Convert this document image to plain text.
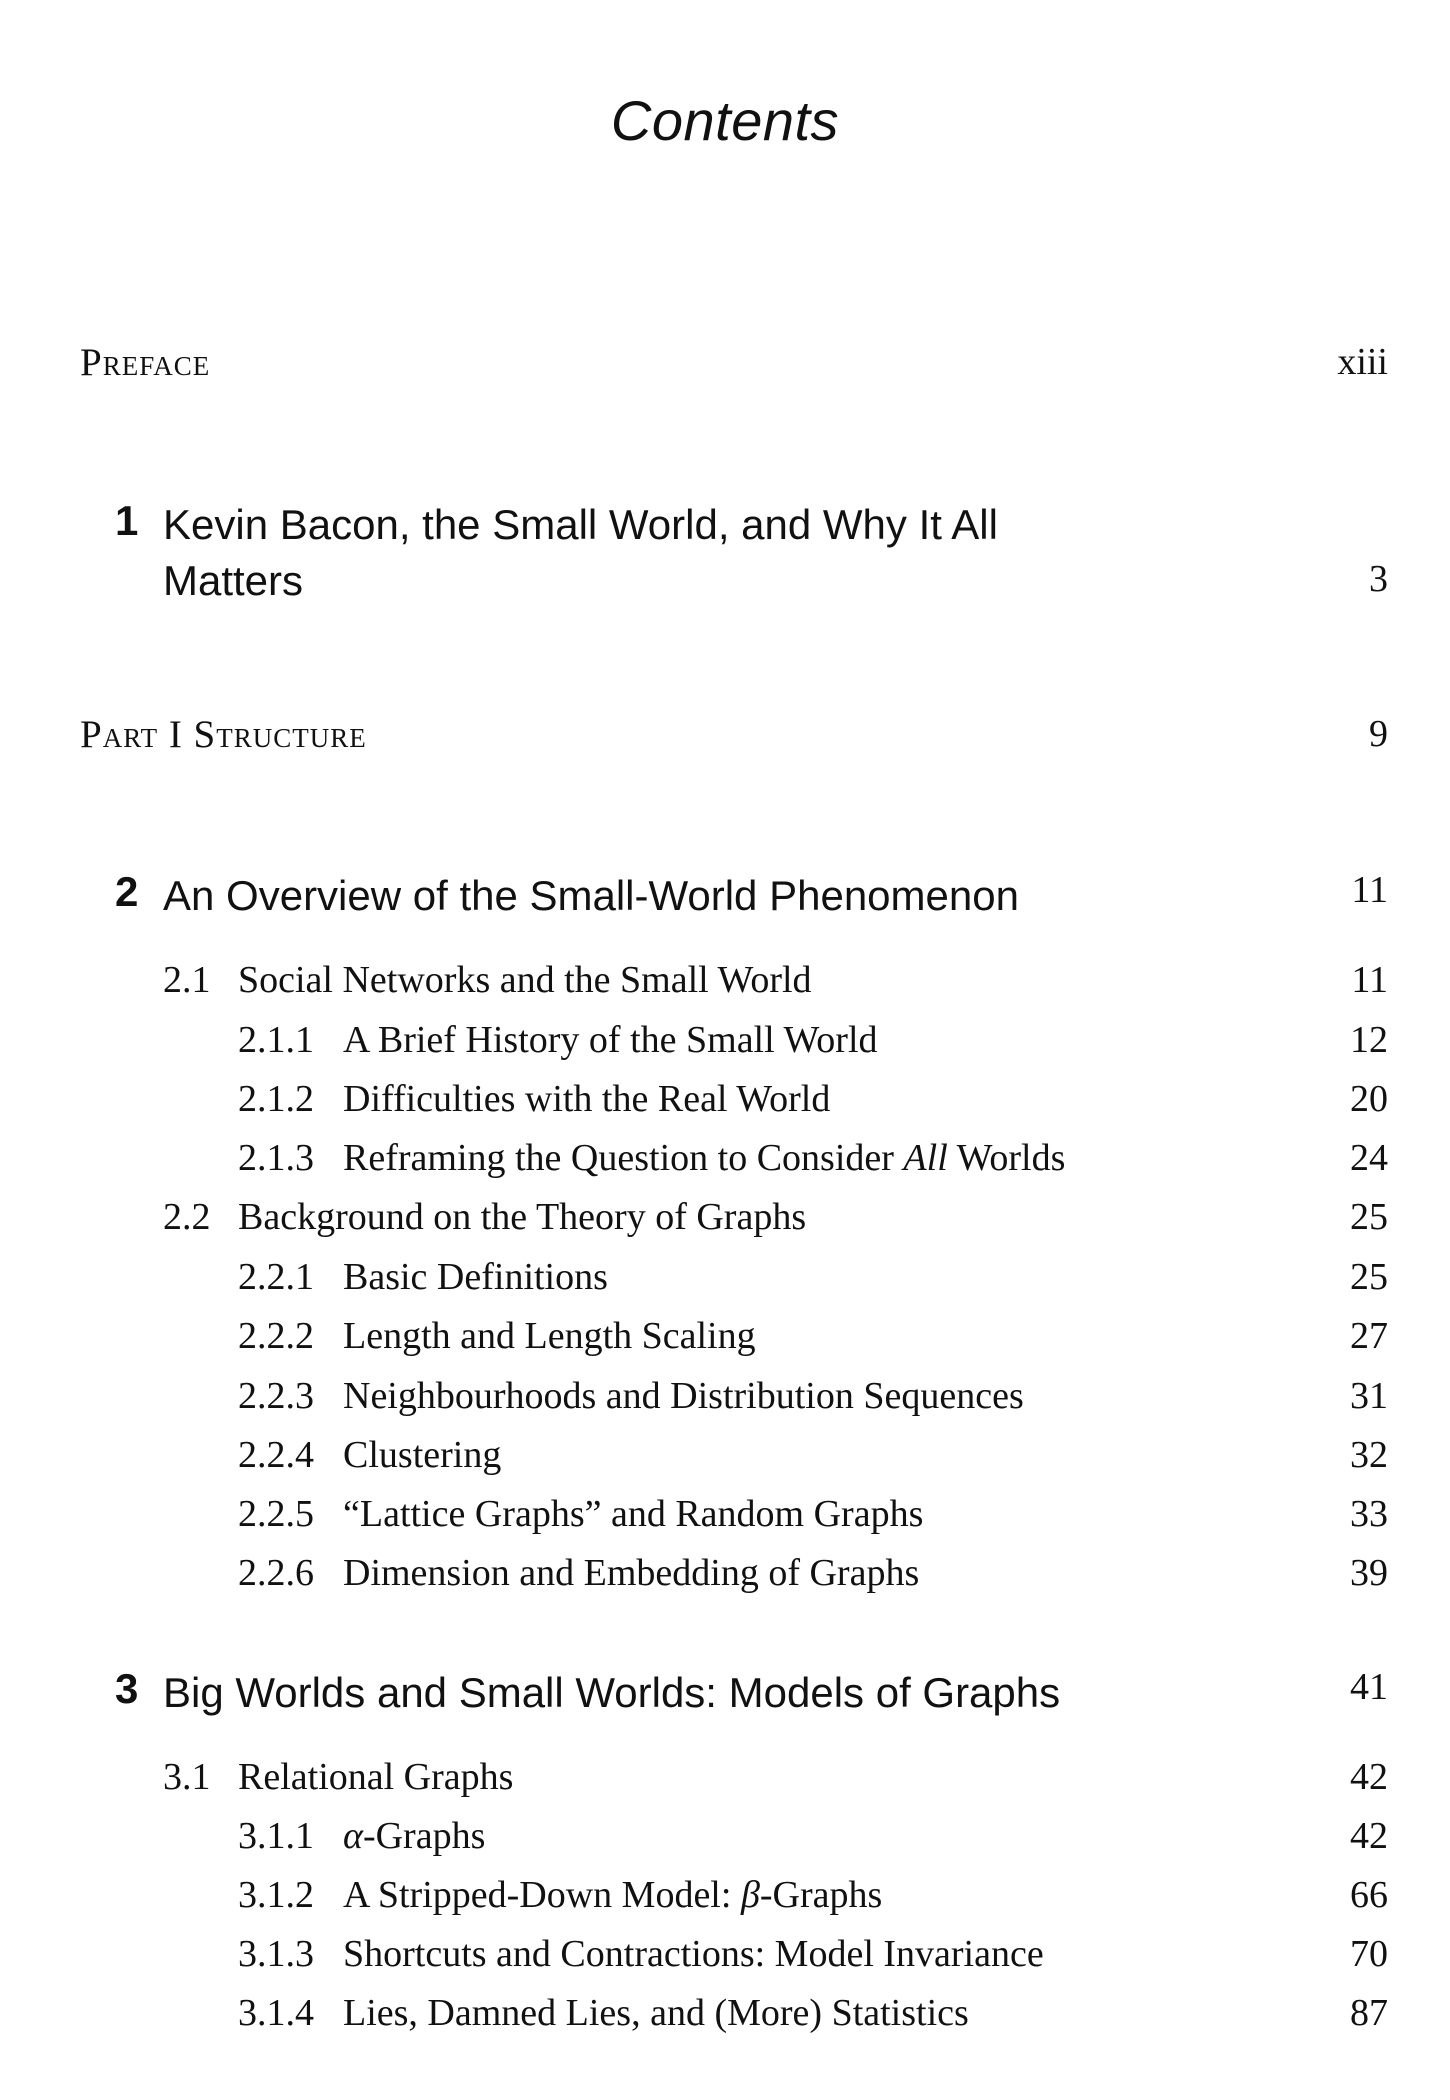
Contents
Preface	xiii
1 Kevin Bacon, the Small World, and Why It All
Matters	3
Part I Structure	9
2 An Overview of the Small-World Phenomenon	11
2.1 Social Networks and the Small World	11
2.1.1 A Brief History of the Small World	12
2.1.2 Difficulties with the Real World	20
2.1.3 Reframing the Question to Consider All Worlds	24
2.2 Background on the Theory of Graphs	25
2.2.1 Basic Definitions	25
2.2.2 Length and Length Scaling	27
2.2.3 Neighbourhoods and Distribution Sequences	31
2.2.4 Clustering	32
2.2.5 “Lattice Graphs” and Random Graphs	33
2.2.6 Dimension and Embedding of Graphs	39
3 Big Worlds and Small Worlds: Models of Graphs	41
3.1 Relational Graphs	42
3.1.1 α-Graphs	42
3.1.2 A Stripped-Down Model: β-Graphs	66
3.1.3 Shortcuts and Contractions: Model Invariance	70
3.1.4 Lies, Damned Lies, and (More) Statistics	87
